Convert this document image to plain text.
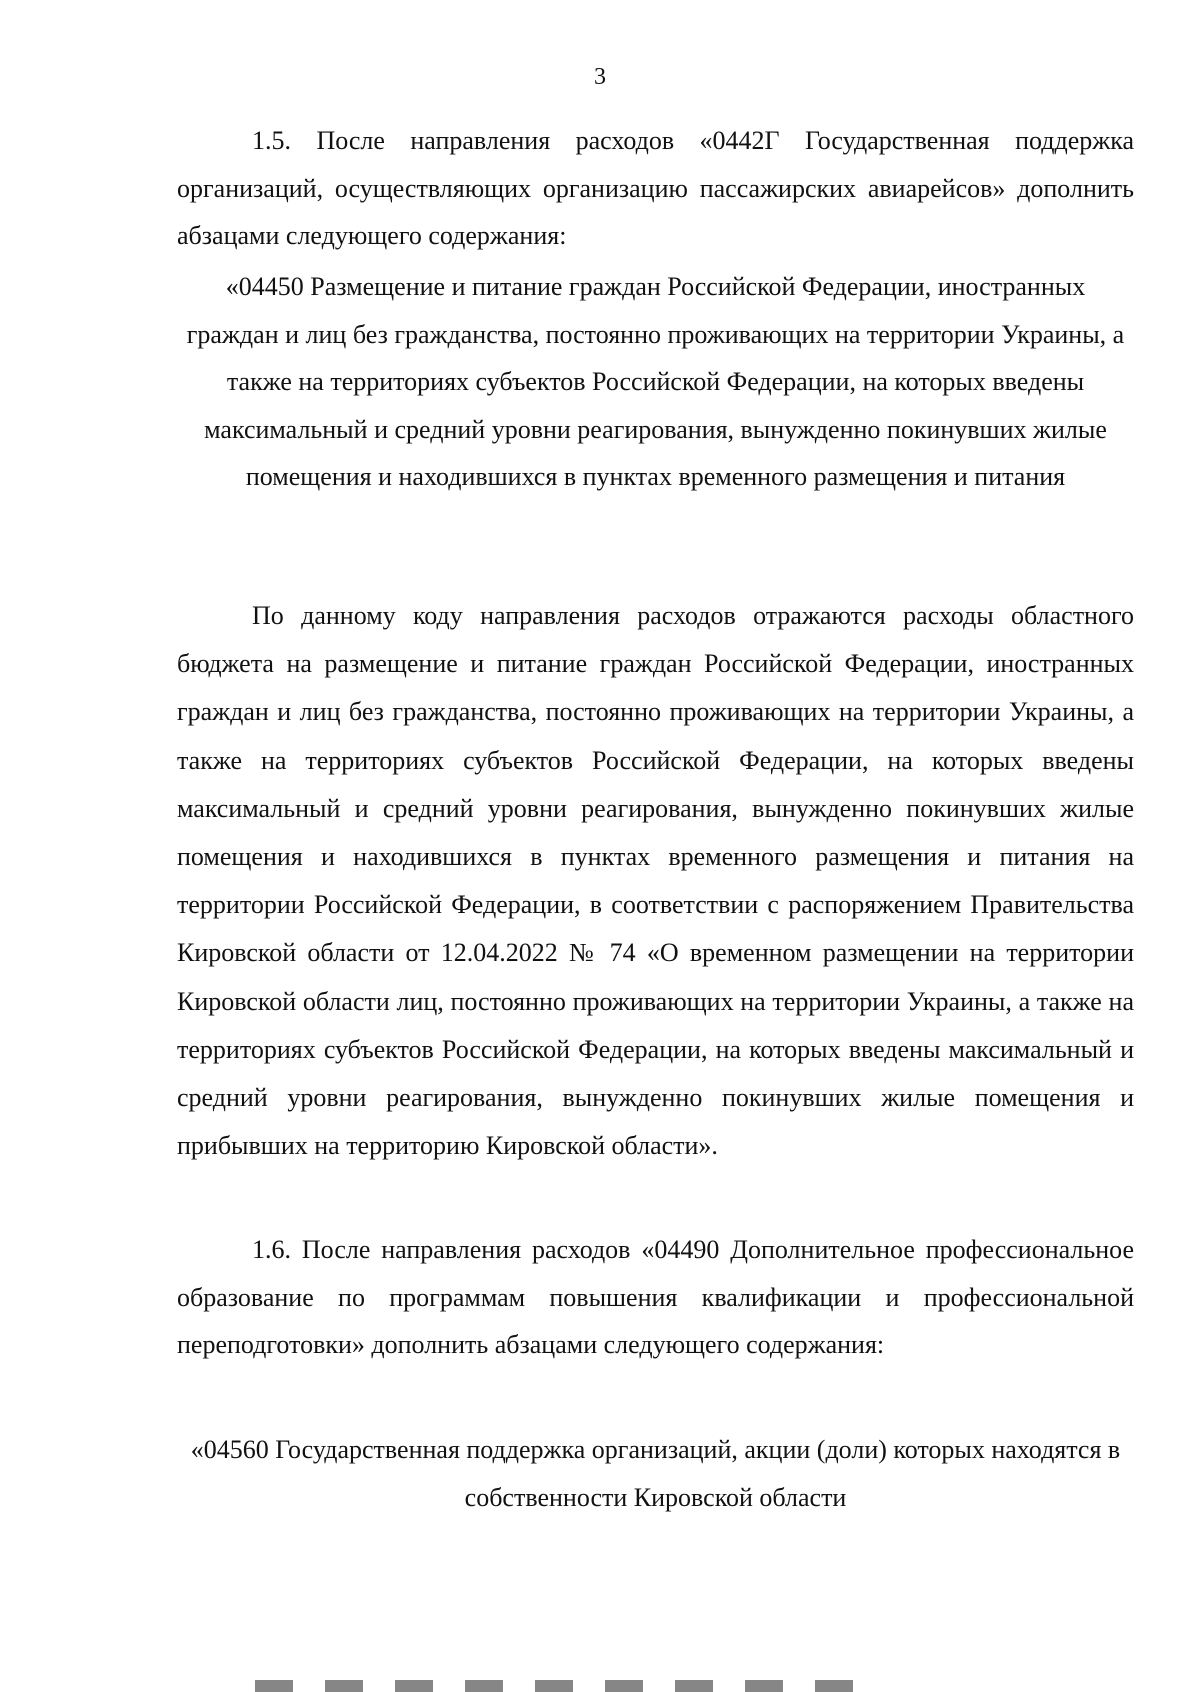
3

1.5. После направления расходов «0442Г Государственная поддержка организаций, осуществляющих организацию пассажирских авиарейсов» дополнить абзацами следующего содержания:

«04450 Размещение и питание граждан Российской Федерации, иностранных граждан и лиц без гражданства, постоянно проживающих на территории Украины, а также на территориях субъектов Российской Федерации, на которых введены максимальный и средний уровни реагирования, вынужденно покинувших жилые помещения и находившихся в пунктах временного размещения и питания

По данному коду направления расходов отражаются расходы областного бюджета на размещение и питание граждан Российской Федерации, иностранных граждан и лиц без гражданства, постоянно проживающих на территории Украины, а также на территориях субъектов Российской Федерации, на которых введены максимальный и средний уровни реагирования, вынужденно покинувших жилые помещения и находившихся в пунктах временного размещения и питания на территории Российской Федерации, в соответствии с распоряжением Правительства Кировской области от 12.04.2022 № 74 «О временном размещении на территории Кировской области лиц, постоянно проживающих на территории Украины, а также на территориях субъектов Российской Федерации, на которых введены максимальный и средний уровни реагирования, вынужденно покинувших жилые помещения и прибывших на территорию Кировской области».

1.6. После направления расходов «04490 Дополнительное профессиональное образование по программам повышения квалификации и профессиональной переподготовки» дополнить абзацами следующего содержания:

«04560 Государственная поддержка организаций, акции (доли) которых находятся в собственности Кировской области
